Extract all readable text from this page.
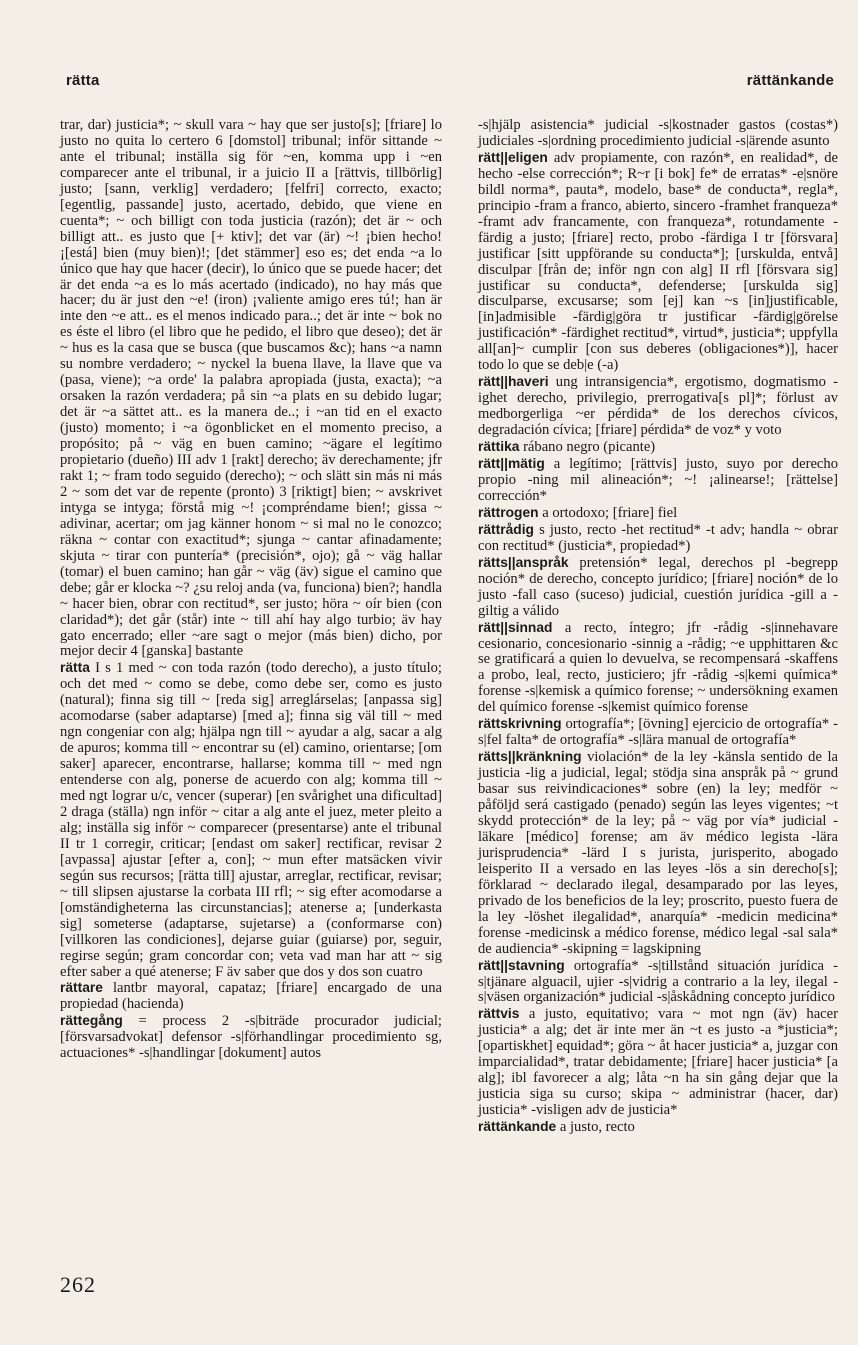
rätta	rättänkande

trar, dar) justicia*; ~ skull vara ~ hay que ser justo[s]; [friare] lo justo no quita lo certero 6 [domstol] tribunal; inför sittande ~ ante el tribunal; inställa sig för ~en, komma upp i ~en comparecer ante el tribunal, ir a juicio II a [rättvis, tillbörlig] justo; [sann, verklig] verdadero; [felfri] correcto, exacto; [egentlig, passande] justo, acertado, debido, que viene en cuenta*; ~ och billigt con toda justicia (razón); det är ~ och billigt att.. es justo que [+ ktiv]; det var (är) ~! ¡bien hecho! ¡[está] bien (muy bien)!; [det stämmer] eso es; det enda ~a lo único que hay que hacer (decir), lo único que se puede hacer; det är det enda ~a es lo más acertado (indicado), no hay más que hacer; du är just den ~e! (iron) ¡valiente amigo eres tú!; han är inte den ~e att.. es el menos indicado para..; det är inte ~ bok no es éste el libro (el libro que he pedido, el libro que deseo); det är ~ hus es la casa que se busca (que buscamos &c); hans ~a namn su nombre verdadero; ~ nyckel la buena llave, la llave que va (pasa, viene); ~a orde' la palabra apropiada (justa, exacta); ~a orsaken la razón verdadera; på sin ~a plats en su debido lugar; det är ~a sättet att.. es la manera de..; i ~an tid en el exacto (justo) momento; i ~a ögonblicket en el momento preciso, a propósito; på ~ väg en buen camino; ~ägare el legítimo propietario (dueño) III adv 1 [rakt] derecho; äv derechamente; jfr rakt 1; ~ fram todo seguido (derecho); ~ och slätt sin más ni más 2 ~ som det var de repente (pronto) 3 [riktigt] bien; ~ avskrivet intyga se intyga; förstå mig ~! ¡compréndame bien!; gissa ~ adivinar, acertar; om jag känner honom ~ si mal no le conozco; räkna ~ contar con exactitud*; sjunga ~ cantar afinadamente; skjuta ~ tirar con puntería* (precisión*, ojo); gå ~ väg hallar (tomar) el buen camino; han går ~ väg (äv) sigue el camino que debe; går er klocka ~? ¿su reloj anda (va, funciona) bien?; handla ~ hacer bien, obrar con rectitud*, ser justo; höra ~ oír bien (con claridad*); det går (står) inte ~ till ahí hay algo turbio; äv hay gato encerrado; eller ~are sagt o mejor (más bien) dicho, por mejor decir 4 [ganska] bastante

rätta I s 1 med ~ con toda razón (todo derecho), a justo título; och det med ~ como se debe, como debe ser, como es justo (natural); finna sig till ~ [reda sig] arreglárselas; [anpassa sig] acomodarse (saber adaptarse) [med a]; finna sig väl till ~ med ngn congeniar con alg; hjälpa ngn till ~ ayudar a alg, sacar a alg de apuros; komma till ~ encontrar su (el) camino, orientarse; [om saker] aparecer, encontrarse, hallarse; komma till ~ med ngn entenderse con alg, ponerse de acuerdo con alg; komma till ~ med ngt lograr u/c, vencer (superar) [en svårighet una dificultad] 2 draga (ställa) ngn inför ~ citar a alg ante el juez, meter pleito a alg; inställa sig inför ~ comparecer (presentarse) ante el tribunal II tr 1 corregir, criticar; [endast om saker] rectificar, revisar 2 [avpassa] ajustar [efter a, con]; ~ mun efter matsäcken vivir según sus recursos; [rätta till] ajustar, arreglar, rectificar, revisar; ~ till slipsen ajustarse la corbata III rfl; ~ sig efter acomodarse a [omständigheterna las circunstancias]; atenerse a; [underkasta sig] someterse (adaptarse, sujetarse) a (conformarse con) [villkoren las condiciones], dejarse guiar (guiarse) por, seguir, regirse según; gram concordar con; veta vad man har att ~ sig efter saber a qué atenerse; F äv saber que dos y dos son cuatro

rättare lantbr mayoral, capataz; [friare] encargado de una propiedad (hacienda)

rättegång = process 2 -s|biträde procurador judicial; [försvarsadvokat] defensor -s|förhandlingar procedimiento sg, actuaciones* -s|handlingar [dokument] autos

-s|hjälp asistencia* judicial -s|kostnader gastos (costas*) judiciales -s|ordning procedimiento judicial -s|ärende asunto

rätt||eligen adv propiamente, con razón*, en realidad*, de hecho -else corrección*; R~r [i bok] fe* de erratas* -e|snöre bildl norma*, pauta*, modelo, base* de conducta*, regla*, principio -fram a franco, abierto, sincero -framhet franqueza* -framt adv francamente, con franqueza*, rotundamente -färdig a justo; [friare] recto, probo -färdiga I tr [försvara] justificar [sitt uppförande su conducta*]; [urskulda, entvå] disculpar [från de; inför ngn con alg] II rfl [försvara sig] justificar su conducta*, defenderse; [urskulda sig] disculparse, excusarse; som [ej] kan ~s [in]justificable, [in]admisible -färdig|göra tr justificar -färdig|görelse justificación* -färdighet rectitud*, virtud*, justicia*; uppfylla all[an]~ cumplir [con sus deberes (obligaciones*)], hacer todo lo que se deb|e (-a)

rätt||haveri ung intransigencia*, ergotismo, dogmatismo -ighet derecho, privilegio, prerrogativa[s pl]*; förlust av medborgerliga ~er pérdida* de los derechos cívicos, degradación cívica; [friare] pérdida* de voz* y voto

rättika rábano negro (picante)

rätt||mätig a legítimo; [rättvis] justo, suyo por derecho propio -ning mil alineación*; ~! ¡alinearse!; [rättelse] corrección*

rättrogen a ortodoxo; [friare] fiel

rättrådig s justo, recto -het rectitud* -t adv; handla ~ obrar con rectitud* (justicia*, propiedad*)

rätts||anspråk pretensión* legal, derechos pl -begrepp noción* de derecho, concepto jurídico; [friare] noción* de lo justo -fall caso (suceso) judicial, cuestión jurídica -gill a -giltig a válido

rätt||sinnad a recto, íntegro; jfr -rådig -s|innehavare cesionario, concesionario -sinnig a -rådig; ~e upphittaren &c se gratificará a quien lo devuelva, se recompensará -skaffens a probo, leal, recto, justiciero; jfr -rådig -s|kemi química* forense -s|kemisk a químico forense; ~ undersökning examen del químico forense -s|kemist químico forense

rättskrivning ortografía*; [övning] ejercicio de ortografía* -s|fel falta* de ortografía* -s|lära manual de ortografía*

rätts||kränkning violación* de la ley -känsla sentido de la justicia -lig a judicial, legal; stödja sina anspråk på ~ grund basar sus reivindicaciones* sobre (en) la ley; medför ~ påföljd será castigado (penado) según las leyes vigentes; ~t skydd protección* de la ley; på ~ väg por vía* judicial -läkare [médico] forense; am äv médico legista -lära jurisprudencia* -lärd I s jurista, jurisperito, abogado leisperito II a versado en las leyes -lös a sin derecho[s]; förklarad ~ declarado ilegal, desamparado por las leyes, privado de los beneficios de la ley; proscrito, puesto fuera de la ley -löshet ilegalidad*, anarquía* -medicin medicina* forense -medicinsk a médico forense, médico legal -sal sala* de audiencia* -skipning = lagskipning

rätt||stavning ortografía* -s|tillstånd situación jurídica -s|tjänare alguacil, ujier -s|vidrig a contrario a la ley, ilegal -s|väsen organización* judicial -s|åskådning concepto jurídico

rättvis a justo, equitativo; vara ~ mot ngn (äv) hacer justicia* a alg; det är inte mer än ~t es justo -a *justicia*; [opartiskhet] equidad*; göra ~ åt hacer justicia* a, juzgar con imparcialidad*, tratar debidamente; [friare] hacer justicia* [a alg]; ibl favorecer a alg; låta ~n ha sin gång dejar que la justicia siga su curso; skipa ~ administrar (hacer, dar) justicia* -visligen adv de justicia*

rättänkande a justo, recto

262
